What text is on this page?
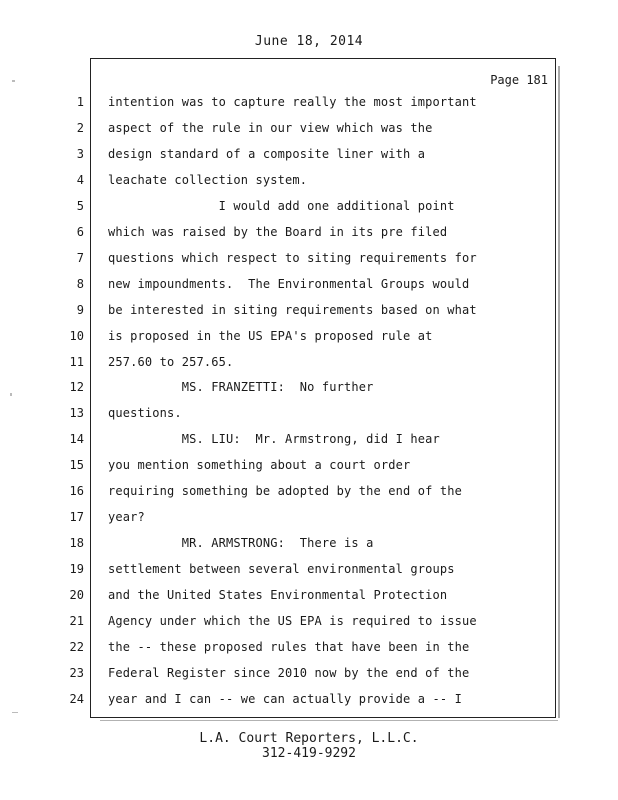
June 18, 2014
Page 181
1 intention was to capture really the most important
2 aspect of the rule in our view which was the
3 design standard of a composite liner with a
4 leachate collection system.
5 I would add one additional point
6 which was raised by the Board in its pre filed
7 questions which respect to siting requirements for
8 new impoundments.  The Environmental Groups would
9 be interested in siting requirements based on what
10 is proposed in the US EPA's proposed rule at
11 257.60 to 257.65.
12 MS. FRANZETTI:  No further
13 questions.
14 MS. LIU:  Mr. Armstrong, did I hear
15 you mention something about a court order
16 requiring something be adopted by the end of the
17 year?
18 MR. ARMSTRONG:  There is a
19 settlement between several environmental groups
20 and the United States Environmental Protection
21 Agency under which the US EPA is required to issue
22 the -- these proposed rules that have been in the
23 Federal Register since 2010 now by the end of the
24 year and I can -- we can actually provide a -- I
L.A. Court Reporters, L.L.C.
312-419-9292
